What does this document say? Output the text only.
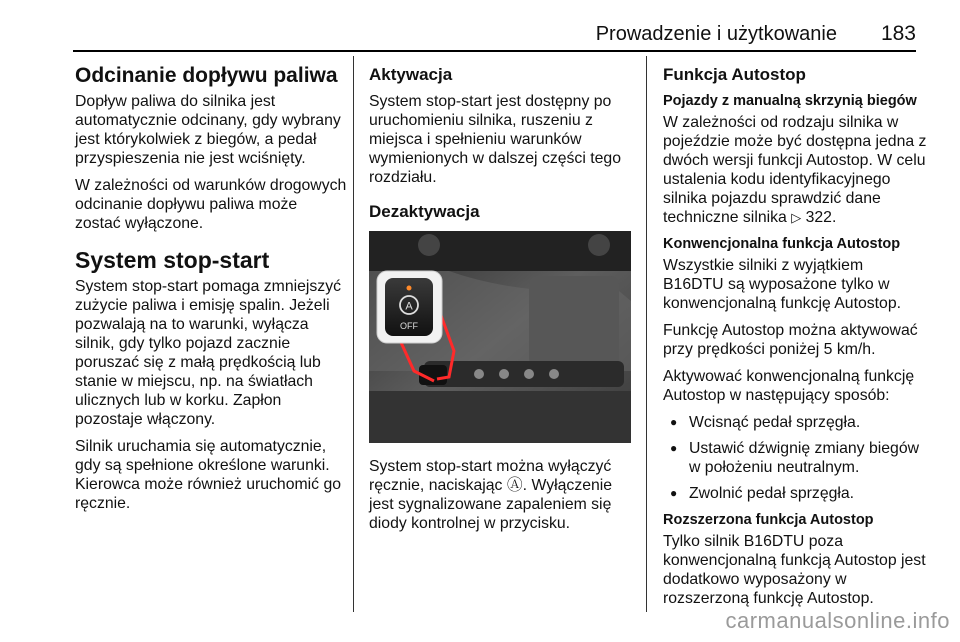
Prowadzenie i użytkowanie 183
Odcinanie dopływu paliwa

Dopływ paliwa do silnika jest automatycznie odcinany, gdy wybrany jest którykolwiek z biegów, a pedał przyspieszenia nie jest wciśnięty.

W zależności od warunków drogowych odcinanie dopływu paliwa może zostać wyłączone.

System stop-start

System stop-start pomaga zmniejszyć zużycie paliwa i emisję spalin. Jeżeli pozwalają na to warunki, wyłącza silnik, gdy tylko pojazd zacznie poruszać się z małą prędkością lub stanie w miejscu, np. na światłach ulicznych lub w korku. Zapłon pozostaje włączony.

Silnik uruchamia się automatycznie, gdy są spełnione określone warunki. Kierowca może również uruchomić go ręcznie.

Aktywacja

System stop-start jest dostępny po uruchomieniu silnika, ruszeniu z miejsca i spełnieniu warunków wymienionych w dalszej części tego rozdziału.

Dezaktywacja
A
OFF

System stop-start można wyłączyć ręcznie, naciskając Ⓐ. Wyłączenie jest sygnalizowane zapaleniem się diody kontrolnej w przycisku.

Funkcja Autostop
Pojazdy z manualną skrzynią biegów

W zależności od rodzaju silnika w pojeździe może być dostępna jedna z dwóch wersji funkcji Autostop. W celu ustalenia kodu identyfikacyjnego silnika pojazdu sprawdzić dane techniczne silnika ▷ 322.

Konwencjonalna funkcja Autostop

Wszystkie silniki z wyjątkiem B16DTU są wyposażone tylko w konwencjonalną funkcję Autostop.

Funkcję Autostop można aktywować przy prędkości poniżej 5 km/h.

Aktywować konwencjonalną funkcję Autostop w następujący sposób:

● Wcisnąć pedał sprzęgła.
● Ustawić dźwignię zmiany biegów w położeniu neutralnym.
● Zwolnić pedał sprzęgła.
Rozszerzona funkcja Autostop

Tylko silnik B16DTU poza konwencjonalną funkcją Autostop jest dodatkowo wyposażony w rozszerzoną funkcję Autostop.

carmanualsonline.info
